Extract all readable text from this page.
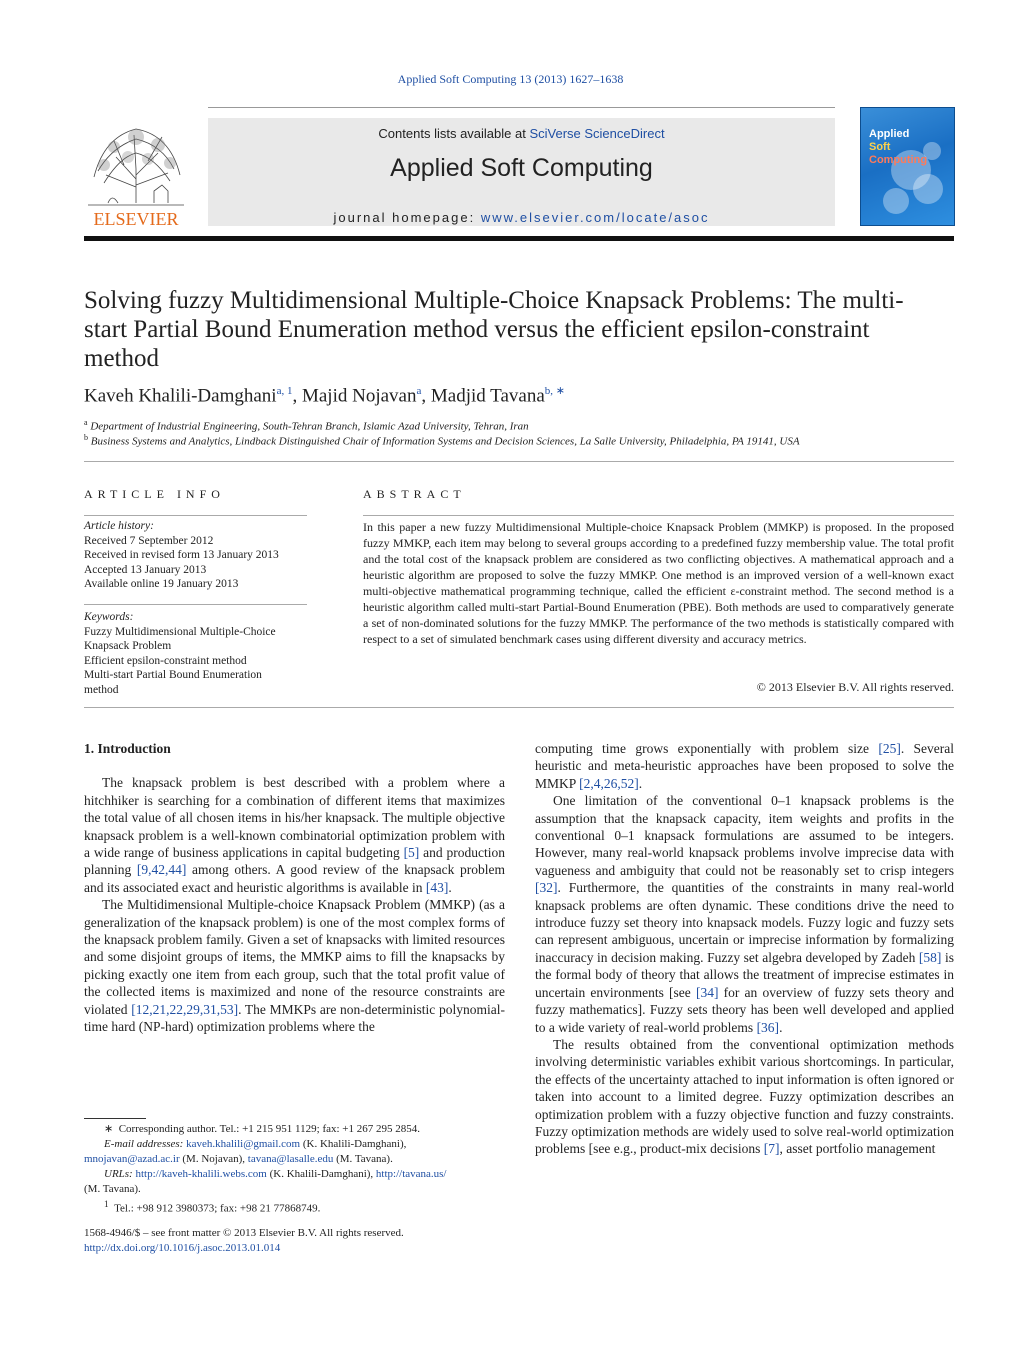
Applied Soft Computing 13 (2013) 1627–1638
ELSEVIER
Contents lists available at SciVerse ScienceDirect
Applied Soft Computing
journal homepage: www.elsevier.com/locate/asoc
Applied
Soft
Computing
Solving fuzzy Multidimensional Multiple-Choice Knapsack Problems: The multi-start Partial Bound Enumeration method versus the efficient epsilon-constraint method
Kaveh Khalili-Damghani$^{a, 1}$, Majid Nojavan$^a$, Madjid Tavana$^{b, ∗}$
$^a$ Department of Industrial Engineering, South-Tehran Branch, Islamic Azad University, Tehran, Iran
$^b$ Business Systems and Analytics, Lindback Distinguished Chair of Information Systems and Decision Sciences, La Salle University, Philadelphia, PA 19141, USA
ARTICLE INFO	ABSTRACT
Article history:
Received 7 September 2012
Received in revised form 13 January 2013
Accepted 13 January 2013
Available online 19 January 2013
Keywords:
Fuzzy Multidimensional Multiple-Choice
Knapsack Problem
Efficient epsilon-constraint method
Multi-start Partial Bound Enumeration
method
In this paper a new fuzzy Multidimensional Multiple-choice Knapsack Problem (MMKP) is proposed. In the proposed fuzzy MMKP, each item may belong to several groups according to a predefined fuzzy membership value. The total profit and the total cost of the knapsack problem are considered as two conflicting objectives. A mathematical approach and a heuristic algorithm are proposed to solve the fuzzy MMKP. One method is an improved version of a well-known exact multi-objective mathematical programming technique, called the efficient ε-constraint method. The second method is a heuristic algorithm called multi-start Partial-Bound Enumeration (PBE). Both methods are used to comparatively generate a set of non-dominated solutions for the fuzzy MMKP. The performance of the two methods is statistically compared with respect to a set of simulated benchmark cases using different diversity and accuracy metrics.
© 2013 Elsevier B.V. All rights reserved.
1. Introduction

The knapsack problem is best described with a problem where a hitchhiker is searching for a combination of different items that maximizes the total value of all chosen items in his/her knapsack. The multiple objective knapsack problem is a well-known combinatorial optimization problem with a wide range of business applications in capital budgeting [5] and production planning [9,42,44] among others. A good review of the knapsack problem and its associated exact and heuristic algorithms is available in [43].

The Multidimensional Multiple-choice Knapsack Problem (MMKP) (as a generalization of the knapsack problem) is one of the most complex forms of the knapsack problem family. Given a set of knapsacks with limited resources and some disjoint groups of items, the MMKP aims to fill the knapsacks by picking exactly one item from each group, such that the total profit value of the collected items is maximized and none of the resource constraints are violated [12,21,22,29,31,53]. The MMKPs are non-deterministic polynomial-time hard (NP-hard) optimization problems where the

computing time grows exponentially with problem size [25]. Several heuristic and meta-heuristic approaches have been proposed to solve the MMKP [2,4,26,52].

One limitation of the conventional 0–1 knapsack problems is the assumption that the knapsack capacity, item weights and profits in the conventional 0–1 knapsack formulations are assumed to be integers. However, many real-world knapsack problems involve imprecise data with vagueness and ambiguity that could not be reasonably set to crisp integers [32]. Furthermore, the quantities of the constraints in many real-world knapsack problems are often dynamic. These conditions drive the need to introduce fuzzy set theory into knapsack models. Fuzzy logic and fuzzy sets can represent ambiguous, uncertain or imprecise information by formalizing inaccuracy in decision making. Fuzzy set algebra developed by Zadeh [58] is the formal body of theory that allows the treatment of imprecise estimates in uncertain environments [see [34] for an overview of fuzzy sets theory and fuzzy mathematics]. Fuzzy sets theory has been well developed and applied to a wide variety of real-world problems [36].

The results obtained from the conventional optimization methods involving deterministic variables exhibit various shortcomings. In particular, the effects of the uncertainty attached to input information is often ignored or taken into account to a limited degree. Fuzzy optimization describes an optimization problem with a fuzzy objective function and fuzzy constraints. Fuzzy optimization methods are widely used to solve real-world optimization problems [see e.g., product-mix decisions [7], asset portfolio management

∗ Corresponding author. Tel.: +1 215 951 1129; fax: +1 267 295 2854.
E-mail addresses: kaveh.khalili@gmail.com (K. Khalili-Damghani),
mnojavan@azad.ac.ir (M. Nojavan), tavana@lasalle.edu (M. Tavana).
URLs: http://kaveh-khalili.webs.com (K. Khalili-Damghani), http://tavana.us/
(M. Tavana).
$^1$ Tel.: +98 912 3980373; fax: +98 21 77868749.
1568-4946/$ – see front matter © 2013 Elsevier B.V. All rights reserved.
http://dx.doi.org/10.1016/j.asoc.2013.01.014
